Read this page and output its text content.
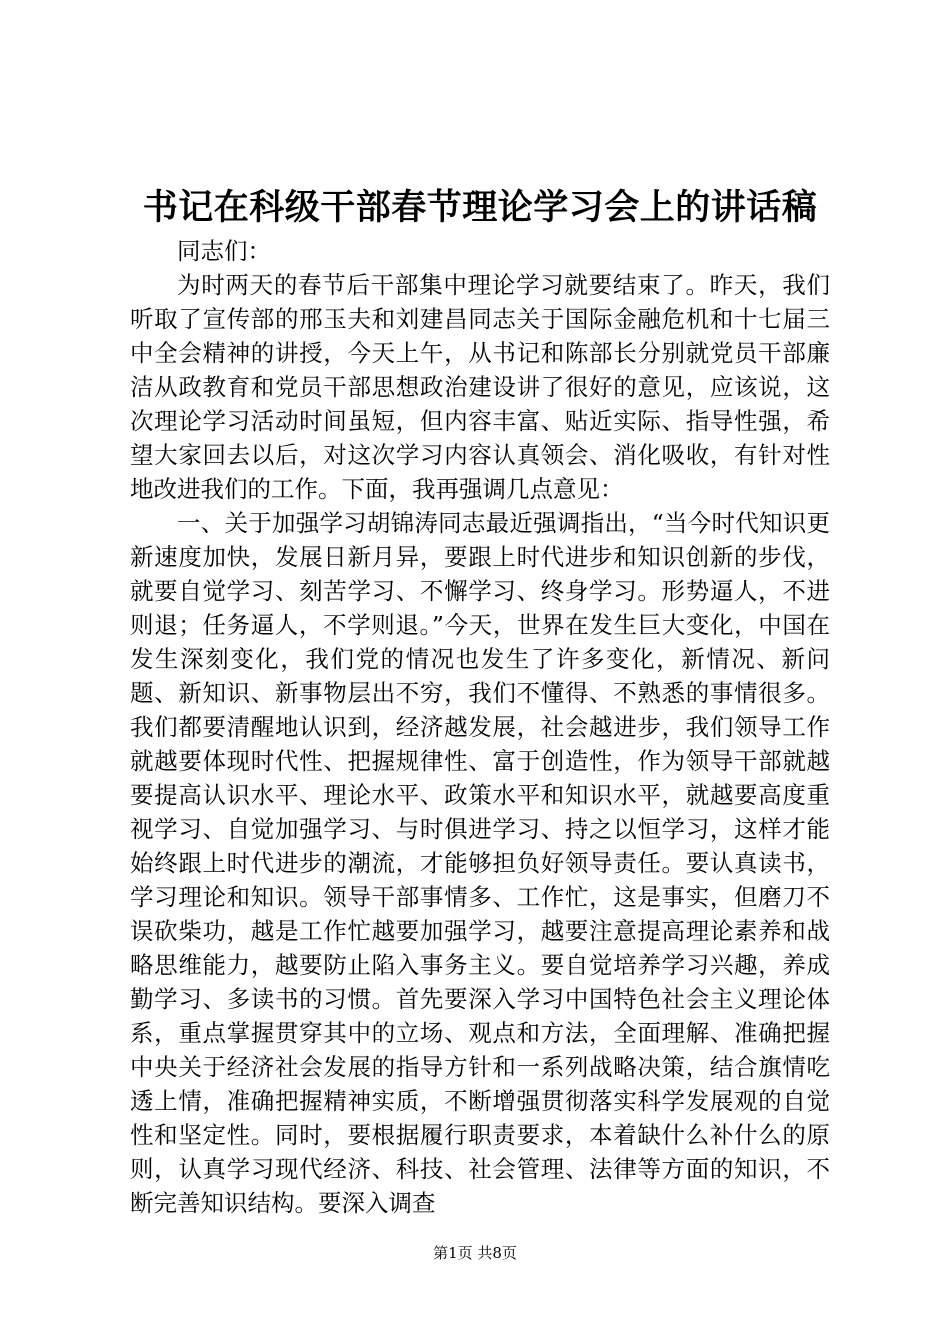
书记在科级干部春节理论学习会上的讲话稿

同志们：

为时两天的春节后干部集中理论学习就要结束了。昨天，我们听取了宣传部的邢玉夫和刘建昌同志关于国际金融危机和十七届三中全会精神的讲授，今天上午，从书记和陈部长分别就党员干部廉洁从政教育和党员干部思想政治建设讲了很好的意见，应该说，这次理论学习活动时间虽短，但内容丰富、贴近实际、指导性强，希望大家回去以后，对这次学习内容认真领会、消化吸收，有针对性地改进我们的工作。下面，我再强调几点意见：

一、关于加强学习胡锦涛同志最近强调指出，“当今时代知识更新速度加快，发展日新月异，要跟上时代进步和知识创新的步伐，就要自觉学习、刻苦学习、不懈学习、终身学习。形势逼人，不进则退；任务逼人，不学则退。”今天，世界在发生巨大变化，中国在发生深刻变化，我们党的情况也发生了许多变化，新情况、新问题、新知识、新事物层出不穷，我们不懂得、不熟悉的事情很多。我们都要清醒地认识到，经济越发展，社会越进步，我们领导工作就越要体现时代性、把握规律性、富于创造性，作为领导干部就越要提高认识水平、理论水平、政策水平和知识水平，就越要高度重视学习、自觉加强学习、与时俱进学习、持之以恒学习，这样才能始终跟上时代进步的潮流，才能够担负好领导责任。要认真读书，学习理论和知识。领导干部事情多、工作忙，这是事实，但磨刀不误砍柴功，越是工作忙越要加强学习，越要注意提高理论素养和战略思维能力，越要防止陷入事务主义。要自觉培养学习兴趣，养成勤学习、多读书的习惯。首先要深入学习中国特色社会主义理论体系，重点掌握贯穿其中的立场、观点和方法，全面理解、准确把握中央关于经济社会发展的指导方针和一系列战略决策，结合旗情吃透上情，准确把握精神实质，不断增强贯彻落实科学发展观的自觉性和坚定性。同时，要根据履行职责要求，本着缺什么补什么的原则，认真学习现代经济、科技、社会管理、法律等方面的知识，不断完善知识结构。要深入调查

第1页 共8页
